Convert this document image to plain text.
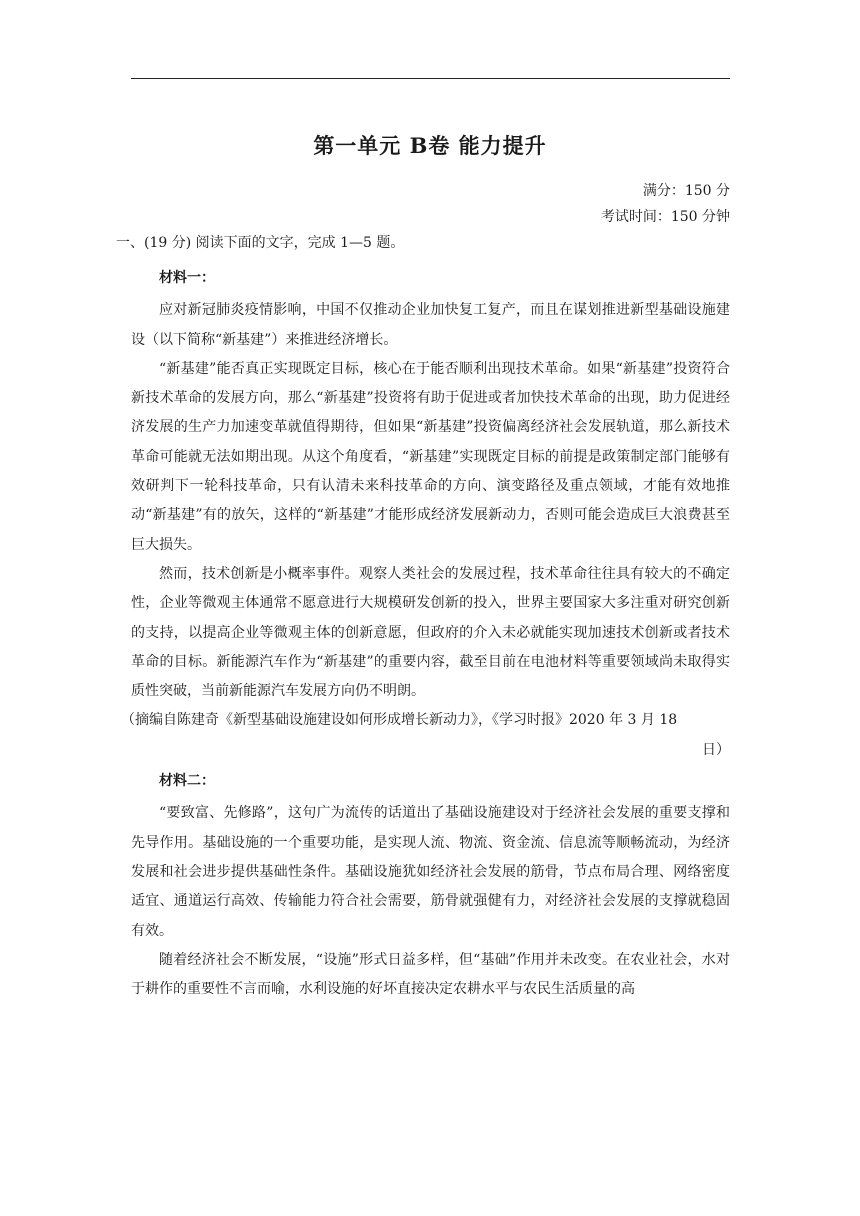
第一单元 B卷 能力提升
满分：150 分
考试时间：150 分钟
一、(19 分) 阅读下面的文字，完成 1—5 题。

材料一：

应对新冠肺炎疫情影响，中国不仅推动企业加快复工复产，而且在谋划推进新型基础设施建设（以下简称“新基建”）来推进经济增长。

“新基建”能否真正实现既定目标，核心在于能否顺利出现技术革命。如果“新基建”投资符合新技术革命的发展方向，那么“新基建”投资将有助于促进或者加快技术革命的出现，助力促进经济发展的生产力加速变革就值得期待，但如果“新基建”投资偏离经济社会发展轨道，那么新技术革命可能就无法如期出现。从这个角度看，“新基建”实现既定目标的前提是政策制定部门能够有效研判下一轮科技革命，只有认清未来科技革命的方向、演变路径及重点领域，才能有效地推动“新基建”有的放矢，这样的“新基建”才能形成经济发展新动力，否则可能会造成巨大浪费甚至巨大损失。

然而，技术创新是小概率事件。观察人类社会的发展过程，技术革命往往具有较大的不确定性，企业等微观主体通常不愿意进行大规模研发创新的投入，世界主要国家大多注重对研究创新的支持，以提高企业等微观主体的创新意愿，但政府的介入未必就能实现加速技术创新或者技术革命的目标。新能源汽车作为“新基建”的重要内容，截至目前在电池材料等重要领域尚未取得实质性突破，当前新能源汽车发展方向仍不明朗。

（摘编自陈建奇《新型基础设施建设如何形成增长新动力》，《学习时报》2020 年 3 月 18
日）

材料二：

“要致富、先修路”，这句广为流传的话道出了基础设施建设对于经济社会发展的重要支撑和先导作用。基础设施的一个重要功能，是实现人流、物流、资金流、信息流等顺畅流动，为经济发展和社会进步提供基础性条件。基础设施犹如经济社会发展的筋骨，节点布局合理、网络密度适宜、通道运行高效、传输能力符合社会需要，筋骨就强健有力，对经济社会发展的支撑就稳固有效。

随着经济社会不断发展，“设施”形式日益多样，但“基础”作用并未改变。在农业社会，水对于耕作的重要性不言而喻，水利设施的好坏直接决定农耕水平与农民生活质量的高
